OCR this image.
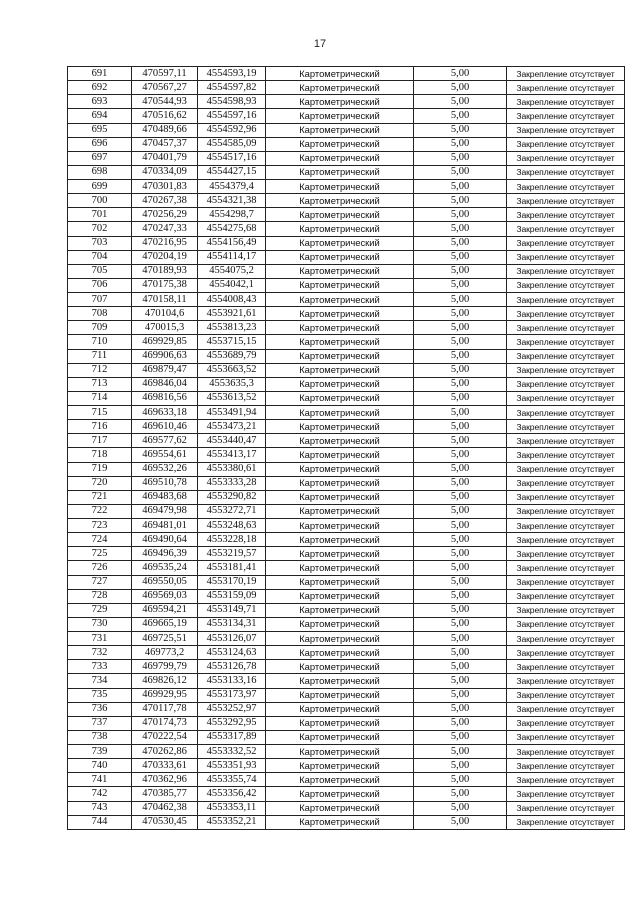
17
691	470597,11	4554593,19	Картометрический	5,00	Закрепление отсутствует
692	470567,27	4554597,82	Картометрический	5,00	Закрепление отсутствует
693	470544,93	4554598,93	Картометрический	5,00	Закрепление отсутствует
694	470516,62	4554597,16	Картометрический	5,00	Закрепление отсутствует
695	470489,66	4554592,96	Картометрический	5,00	Закрепление отсутствует
696	470457,37	4554585,09	Картометрический	5,00	Закрепление отсутствует
697	470401,79	4554517,16	Картометрический	5,00	Закрепление отсутствует
698	470334,09	4554427,15	Картометрический	5,00	Закрепление отсутствует
699	470301,83	4554379,4	Картометрический	5,00	Закрепление отсутствует
700	470267,38	4554321,38	Картометрический	5,00	Закрепление отсутствует
701	470256,29	4554298,7	Картометрический	5,00	Закрепление отсутствует
702	470247,33	4554275,68	Картометрический	5,00	Закрепление отсутствует
703	470216,95	4554156,49	Картометрический	5,00	Закрепление отсутствует
704	470204,19	4554114,17	Картометрический	5,00	Закрепление отсутствует
705	470189,93	4554075,2	Картометрический	5,00	Закрепление отсутствует
706	470175,38	4554042,1	Картометрический	5,00	Закрепление отсутствует
707	470158,11	4554008,43	Картометрический	5,00	Закрепление отсутствует
708	470104,6	4553921,61	Картометрический	5,00	Закрепление отсутствует
709	470015,3	4553813,23	Картометрический	5,00	Закрепление отсутствует
710	469929,85	4553715,15	Картометрический	5,00	Закрепление отсутствует
711	469906,63	4553689,79	Картометрический	5,00	Закрепление отсутствует
712	469879,47	4553663,52	Картометрический	5,00	Закрепление отсутствует
713	469846,04	4553635,3	Картометрический	5,00	Закрепление отсутствует
714	469816,56	4553613,52	Картометрический	5,00	Закрепление отсутствует
715	469633,18	4553491,94	Картометрический	5,00	Закрепление отсутствует
716	469610,46	4553473,21	Картометрический	5,00	Закрепление отсутствует
717	469577,62	4553440,47	Картометрический	5,00	Закрепление отсутствует
718	469554,61	4553413,17	Картометрический	5,00	Закрепление отсутствует
719	469532,26	4553380,61	Картометрический	5,00	Закрепление отсутствует
720	469510,78	4553333,28	Картометрический	5,00	Закрепление отсутствует
721	469483,68	4553290,82	Картометрический	5,00	Закрепление отсутствует
722	469479,98	4553272,71	Картометрический	5,00	Закрепление отсутствует
723	469481,01	4553248,63	Картометрический	5,00	Закрепление отсутствует
724	469490,64	4553228,18	Картометрический	5,00	Закрепление отсутствует
725	469496,39	4553219,57	Картометрический	5,00	Закрепление отсутствует
726	469535,24	4553181,41	Картометрический	5,00	Закрепление отсутствует
727	469550,05	4553170,19	Картометрический	5,00	Закрепление отсутствует
728	469569,03	4553159,09	Картометрический	5,00	Закрепление отсутствует
729	469594,21	4553149,71	Картометрический	5,00	Закрепление отсутствует
730	469665,19	4553134,31	Картометрический	5,00	Закрепление отсутствует
731	469725,51	4553126,07	Картометрический	5,00	Закрепление отсутствует
732	469773,2	4553124,63	Картометрический	5,00	Закрепление отсутствует
733	469799,79	4553126,78	Картометрический	5,00	Закрепление отсутствует
734	469826,12	4553133,16	Картометрический	5,00	Закрепление отсутствует
735	469929,95	4553173,97	Картометрический	5,00	Закрепление отсутствует
736	470117,78	4553252,97	Картометрический	5,00	Закрепление отсутствует
737	470174,73	4553292,95	Картометрический	5,00	Закрепление отсутствует
738	470222,54	4553317,89	Картометрический	5,00	Закрепление отсутствует
739	470262,86	4553332,52	Картометрический	5,00	Закрепление отсутствует
740	470333,61	4553351,93	Картометрический	5,00	Закрепление отсутствует
741	470362,96	4553355,74	Картометрический	5,00	Закрепление отсутствует
742	470385,77	4553356,42	Картометрический	5,00	Закрепление отсутствует
743	470462,38	4553353,11	Картометрический	5,00	Закрепление отсутствует
744	470530,45	4553352,21	Картометрический	5,00	Закрепление отсутствует
